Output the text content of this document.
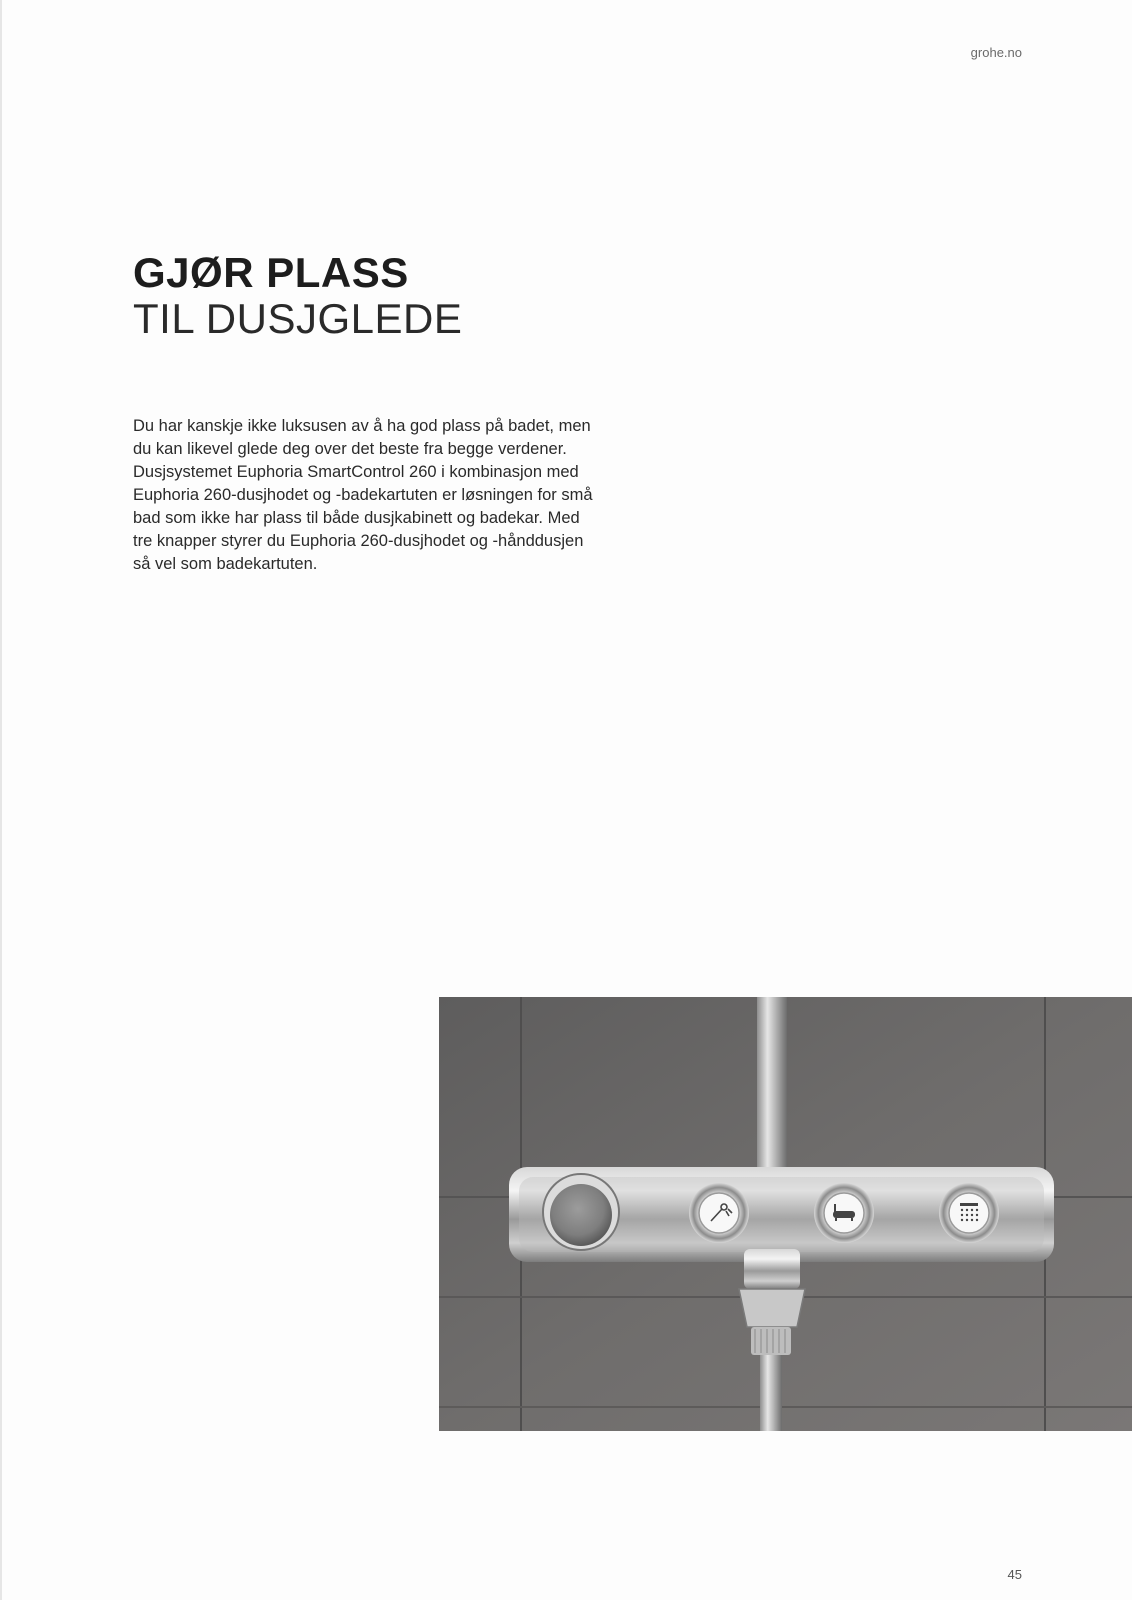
grohe.no
GJØR PLASS
TIL DUSJGLEDE

Du har kanskje ikke luksusen av å ha god plass på badet, men du kan likevel glede deg over det beste fra begge verdener. Dusjsystemet Euphoria SmartControl 260 i kombinasjon med Euphoria 260-dusjhodet og -badekartuten er løsningen for små bad som ikke har plass til både dusjkabinett og badekar. Med tre knapper styrer du Euphoria 260-dusjhodet og -hånddusjen så vel som badekartuten.

45
